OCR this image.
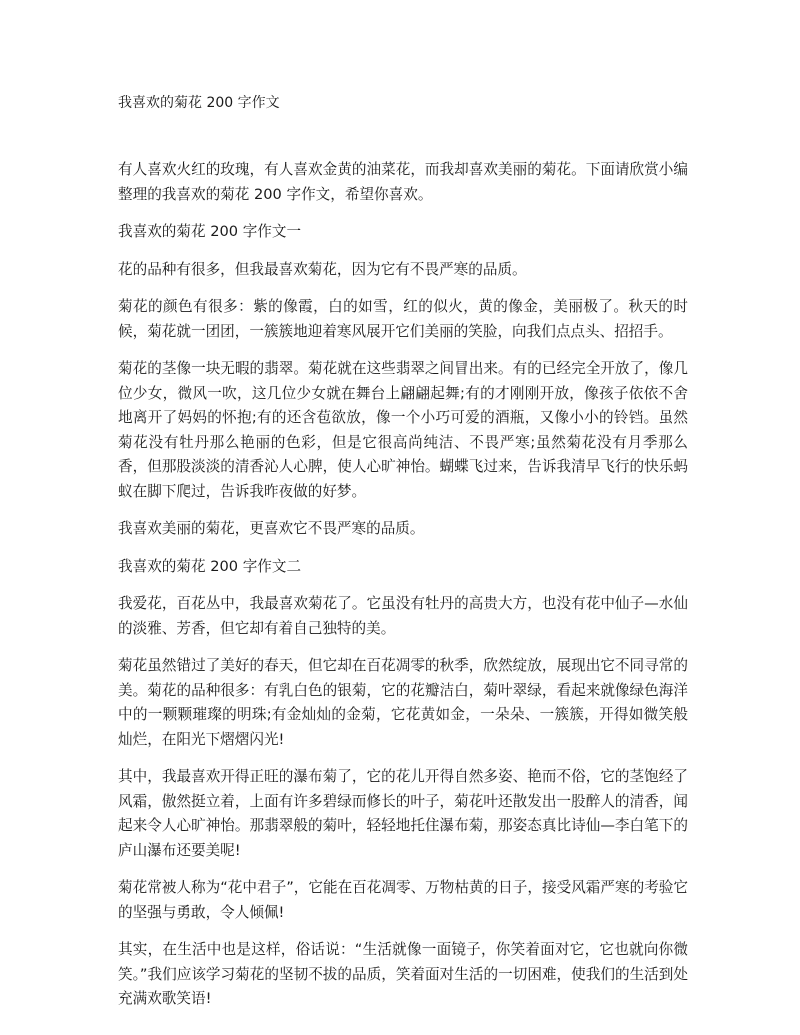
我喜欢的菊花 200 字作文

有人喜欢火红的玫瑰，有人喜欢金黄的油菜花，而我却喜欢美丽的菊花。下面请欣赏小编整理的我喜欢的菊花 200 字作文，希望你喜欢。

我喜欢的菊花 200 字作文一

花的品种有很多，但我最喜欢菊花，因为它有不畏严寒的品质。

菊花的颜色有很多：紫的像霞，白的如雪，红的似火，黄的像金，美丽极了。秋天的时候，菊花就一团团，一簇簇地迎着寒风展开它们美丽的笑脸，向我们点点头、招招手。

菊花的茎像一块无暇的翡翠。菊花就在这些翡翠之间冒出来。有的已经完全开放了，像几位少女，微风一吹，这几位少女就在舞台上翩翩起舞;有的才刚刚开放，像孩子依依不舍地离开了妈妈的怀抱;有的还含苞欲放，像一个小巧可爱的酒瓶，又像小小的铃铛。虽然菊花没有牡丹那么艳丽的色彩，但是它很高尚纯洁、不畏严寒;虽然菊花没有月季那么香，但那股淡淡的清香沁人心脾，使人心旷神怡。蝴蝶飞过来，告诉我清早飞行的快乐蚂蚁在脚下爬过，告诉我昨夜做的好梦。

我喜欢美丽的菊花，更喜欢它不畏严寒的品质。

我喜欢的菊花 200 字作文二

我爱花，百花丛中，我最喜欢菊花了。它虽没有牡丹的高贵大方，也没有花中仙子—水仙的淡雅、芳香，但它却有着自己独特的美。

菊花虽然错过了美好的春天，但它却在百花凋零的秋季，欣然绽放，展现出它不同寻常的美。菊花的品种很多：有乳白色的银菊，它的花瓣洁白，菊叶翠绿，看起来就像绿色海洋中的一颗颗璀璨的明珠;有金灿灿的金菊，它花黄如金，一朵朵、一簇簇，开得如微笑般灿烂，在阳光下熠熠闪光!

其中，我最喜欢开得正旺的瀑布菊了，它的花儿开得自然多姿、艳而不俗，它的茎饱经了风霜，傲然挺立着，上面有许多碧绿而修长的叶子，菊花叶还散发出一股醉人的清香，闻起来令人心旷神怡。那翡翠般的菊叶，轻轻地托住瀑布菊，那姿态真比诗仙—李白笔下的庐山瀑布还要美呢!

菊花常被人称为“花中君子”，它能在百花凋零、万物枯黄的日子，接受风霜严寒的考验它的坚强与勇敢，令人倾佩!

其实，在生活中也是这样，俗话说：“生活就像一面镜子，你笑着面对它，它也就向你微笑。”我们应该学习菊花的坚韧不拔的品质，笑着面对生活的一切困难，使我们的生活到处充满欢歌笑语!
